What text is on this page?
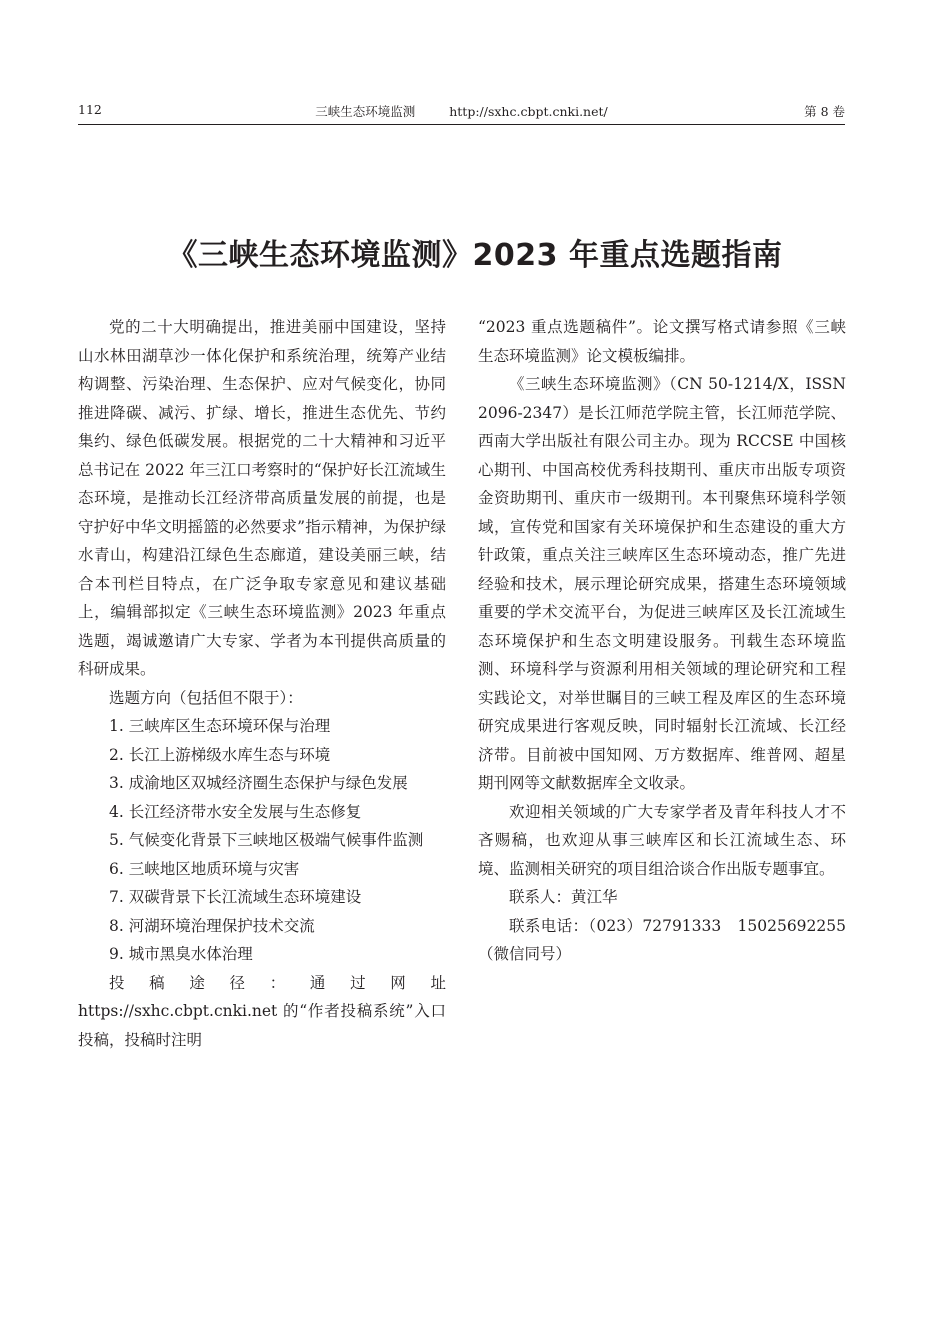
112	三峡生态环境监测	http://sxhc.cbpt.cnki.net/	第 8 卷
《三峡生态环境监测》2023 年重点选题指南

党的二十大明确提出，推进美丽中国建设，坚持山水林田湖草沙一体化保护和系统治理，统筹产业结构调整、污染治理、生态保护、应对气候变化，协同推进降碳、减污、扩绿、增长，推进生态优先、节约集约、绿色低碳发展。根据党的二十大精神和习近平总书记在 2022 年三江口考察时的“保护好长江流域生态环境，是推动长江经济带高质量发展的前提，也是守护好中华文明摇篮的必然要求”指示精神，为保护绿水青山，构建沿江绿色生态廊道，建设美丽三峡，结合本刊栏目特点，在广泛争取专家意见和建议基础上，编辑部拟定《三峡生态环境监测》2023 年重点选题，竭诚邀请广大专家、学者为本刊提供高质量的科研成果。

选题方向（包括但不限于）：

1. 三峡库区生态环境环保与治理

2. 长江上游梯级水库生态与环境

3. 成渝地区双城经济圈生态保护与绿色发展

4. 长江经济带水安全发展与生态修复

5. 气候变化背景下三峡地区极端气候事件监测

6. 三峡地区地质环境与灾害

7. 双碳背景下长江流域生态环境建设

8. 河湖环境治理保护技术交流

9. 城市黑臭水体治理

投稿途径：通过网址 https://sxhc.cbpt.cnki.net 的“作者投稿系统”入口投稿，投稿时注明

“2023 重点选题稿件”。论文撰写格式请参照《三峡生态环境监测》论文模板编排。

《三峡生态环境监测》（CN 50-1214/X，ISSN 2096-2347）是长江师范学院主管，长江师范学院、西南大学出版社有限公司主办。现为 RCCSE 中国核心期刊、中国高校优秀科技期刊、重庆市出版专项资金资助期刊、重庆市一级期刊。本刊聚焦环境科学领域，宣传党和国家有关环境保护和生态建设的重大方针政策，重点关注三峡库区生态环境动态，推广先进经验和技术，展示理论研究成果，搭建生态环境领域重要的学术交流平台，为促进三峡库区及长江流域生态环境保护和生态文明建设服务。刊载生态环境监测、环境科学与资源利用相关领域的理论研究和工程实践论文，对举世瞩目的三峡工程及库区的生态环境研究成果进行客观反映，同时辐射长江流域、长江经济带。目前被中国知网、万方数据库、维普网、超星期刊网等文献数据库全文收录。

欢迎相关领域的广大专家学者及青年科技人才不吝赐稿，也欢迎从事三峡库区和长江流域生态、环境、监测相关研究的项目组洽谈合作出版专题事宜。

联系人：黄江华

联系电话：（023）72791333　15025692255（微信同号）
